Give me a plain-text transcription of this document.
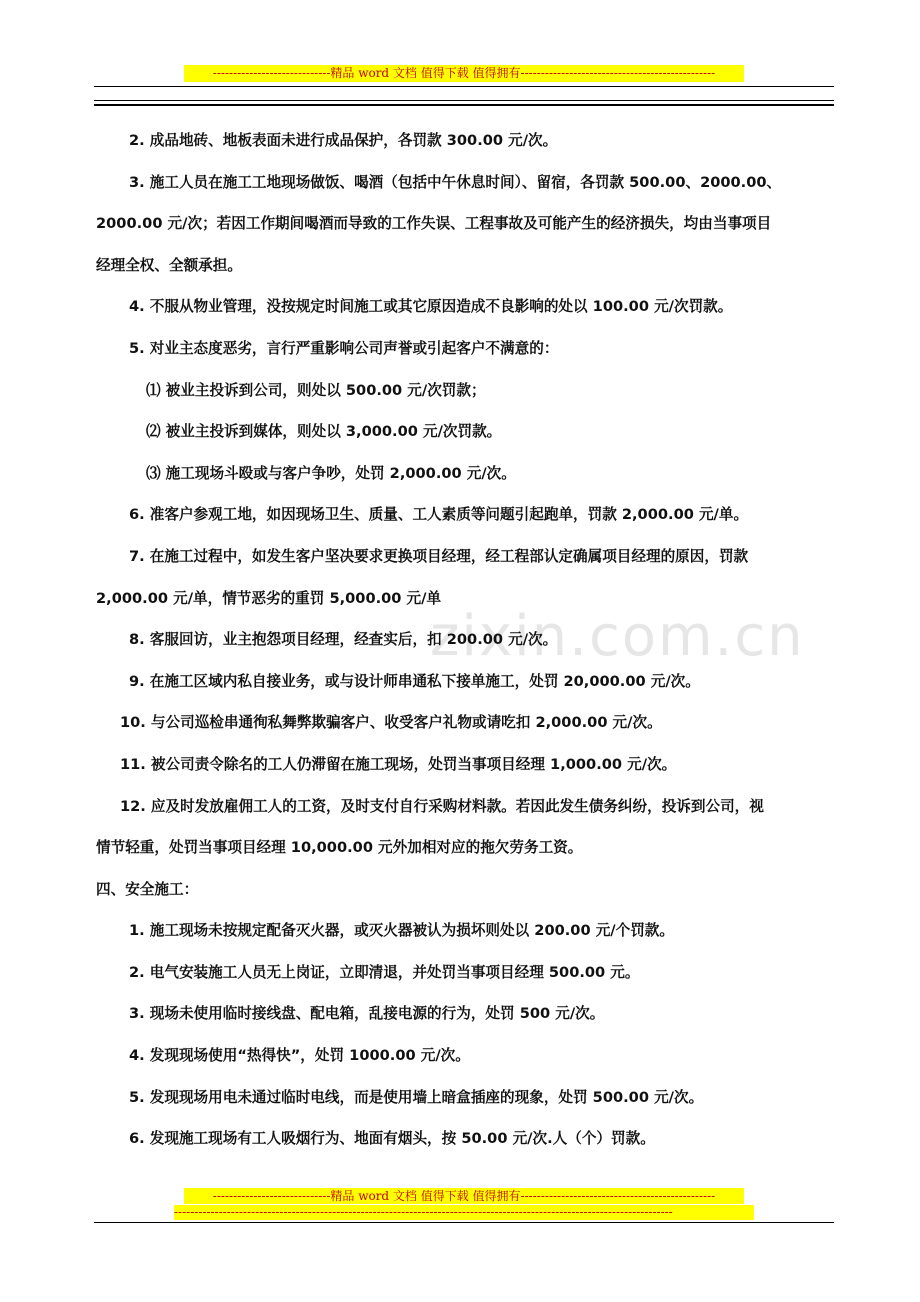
-----------------------------精品 word 文档 值得下载 值得拥有------------------------------------------------
zixin.com.cn

2. 成品地砖、地板表面未进行成品保护，各罚款 300.00 元/次。

3. 施工人员在施工工地现场做饭、喝酒（包括中午休息时间）、留宿，各罚款 500.00、2000.00、

2000.00 元/次；若因工作期间喝酒而导致的工作失误、工程事故及可能产生的经济损失，均由当事项目

经理全权、全额承担。

4. 不服从物业管理，没按规定时间施工或其它原因造成不良影响的处以 100.00 元/次罚款。

5. 对业主态度恶劣，言行严重影响公司声誉或引起客户不满意的：

⑴ 被业主投诉到公司，则处以 500.00 元/次罚款；

⑵ 被业主投诉到媒体，则处以 3,000.00 元/次罚款。

⑶ 施工现场斗殴或与客户争吵，处罚 2,000.00 元/次。

6. 准客户参观工地，如因现场卫生、质量、工人素质等问题引起跑单，罚款 2,000.00 元/单。

7. 在施工过程中，如发生客户坚决要求更换项目经理，经工程部认定确属项目经理的原因，罚款

2,000.00 元/单，情节恶劣的重罚 5,000.00 元/单

8. 客服回访，业主抱怨项目经理，经查实后，扣 200.00 元/次。

9. 在施工区域内私自接业务，或与设计师串通私下接单施工，处罚 20,000.00 元/次。

10. 与公司巡检串通徇私舞弊欺骗客户、收受客户礼物或请吃扣 2,000.00 元/次。

11. 被公司责令除名的工人仍滞留在施工现场，处罚当事项目经理 1,000.00 元/次。

12. 应及时发放雇佣工人的工资，及时支付自行采购材料款。若因此发生债务纠纷，投诉到公司，视

情节轻重，处罚当事项目经理 10,000.00 元外加相对应的拖欠劳务工资。

四、安全施工：

1. 施工现场未按规定配备灭火器，或灭火器被认为损坏则处以 200.00 元/个罚款。

2. 电气安装施工人员无上岗证，立即清退，并处罚当事项目经理 500.00 元。

3. 现场未使用临时接线盘、配电箱，乱接电源的行为，处罚 500 元/次。

4. 发现现场使用“热得快”，处罚 1000.00 元/次。

5. 发现现场用电未通过临时电线，而是使用墙上暗盒插座的现象，处罚 500.00 元/次。

6. 发现施工现场有工人吸烟行为、地面有烟头，按 50.00 元/次.人（个）罚款。

-----------------------------精品 word 文档 值得下载 值得拥有------------------------------------------------
---------------------------------------------------------------------------------------------------------------------------
